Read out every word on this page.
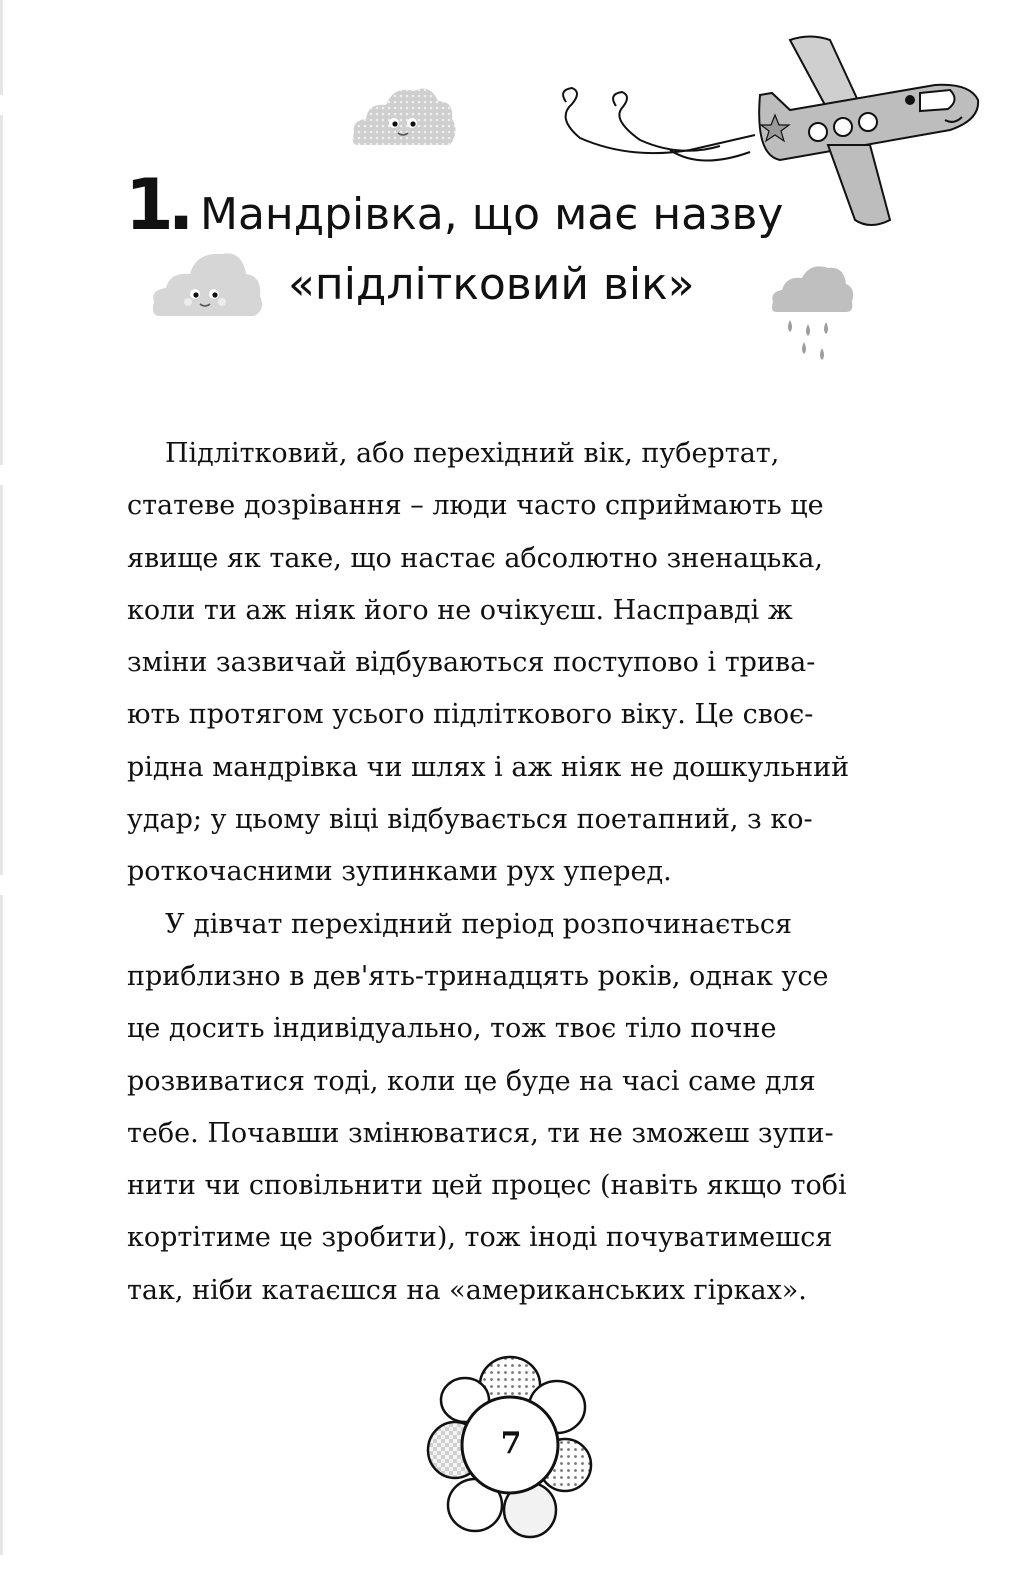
1. Мандрівка, що має назву
«підлітковий вік»
Підлітковий, або перехідний вік, пубертат,
статеве дозрівання – люди часто сприймають це
явище як таке, що настає абсолютно зненацька,
коли ти аж ніяк його не очікуєш. Насправді ж
зміни зазвичай відбуваються поступово і трива-
ють протягом усього підліткового віку. Це своє-
рідна мандрівка чи шлях і аж ніяк не дошкульний
удар; у цьому віці відбувається поетапний, з ко-
роткочасними зупинками рух уперед.
У дівчат перехідний період розпочинається
приблизно в дев'ять-тринадцять років, однак усе
це досить індивідуально, тож твоє тіло почне
розвиватися тоді, коли це буде на часі саме для
тебе. Почавши змінюватися, ти не зможеш зупи-
нити чи сповільнити цей процес (навіть якщо тобі
кортітиме це зробити), тож іноді почуватимешся
так, ніби катаєшся на «американських гірках».
7
